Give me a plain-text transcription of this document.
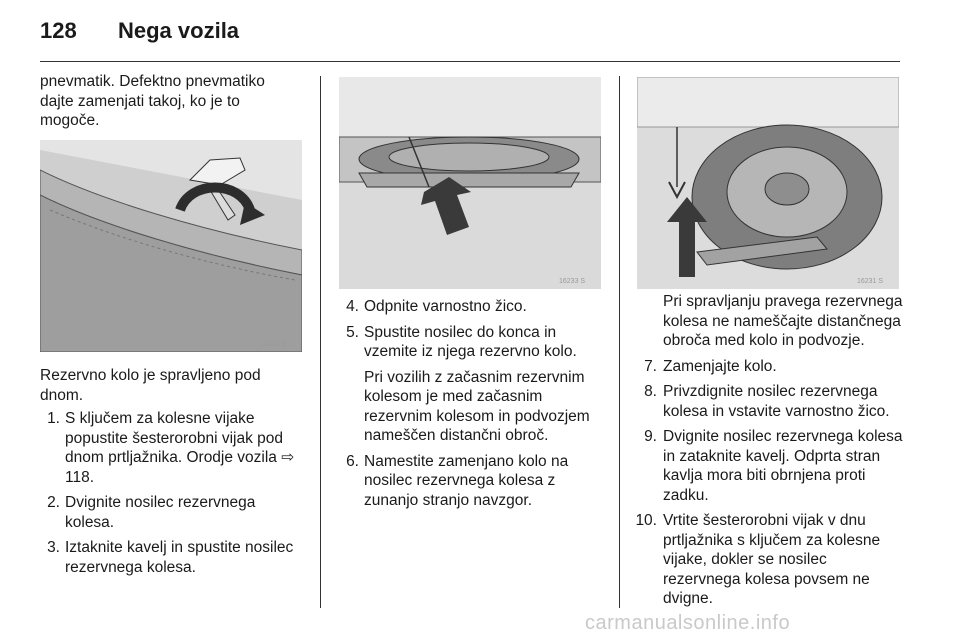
128 Nega vozila

pnevmatik. Defektno pnevmatiko dajte zamenjati takoj, ko je to mogoče.

16232 S

Rezervno kolo je spravljeno pod dnom.

1. S ključem za kolesne vijake popustite šesterorobni vijak pod dnom prtljažnika. Orodje vozila ⇨ 118.
2. Dvignite nosilec rezervnega kolesa.
3. Iztaknite kavelj in spustite nosilec rezervnega kolesa.
16233 S
4. Odpnite varnostno žico.
5. Spustite nosilec do konca in vzemite iz njega rezervno kolo.
Pri vozilih z začasnim rezervnim kolesom je med začasnim rezervnim kolesom in podvozjem nameščen distančni obroč.
6. Namestite zamenjano kolo na nosilec rezervnega kolesa z zunanjo stranjo navzgor.
16231 S

Pri spravljanju pravega rezervnega kolesa ne nameščajte distančnega obroča med kolo in podvozje.

7. Zamenjajte kolo.
8. Privzdignite nosilec rezervnega kolesa in vstavite varnostno žico.
9. Dvignite nosilec rezervnega kolesa in zataknite kavelj. Odprta stran kavlja mora biti obrnjena proti zadku.
10. Vrtite šesterorobni vijak v dnu prtljažnika s ključem za kolesne vijake, dokler se nosilec rezervnega kolesa povsem ne dvigne.
carmanualsonline.info
